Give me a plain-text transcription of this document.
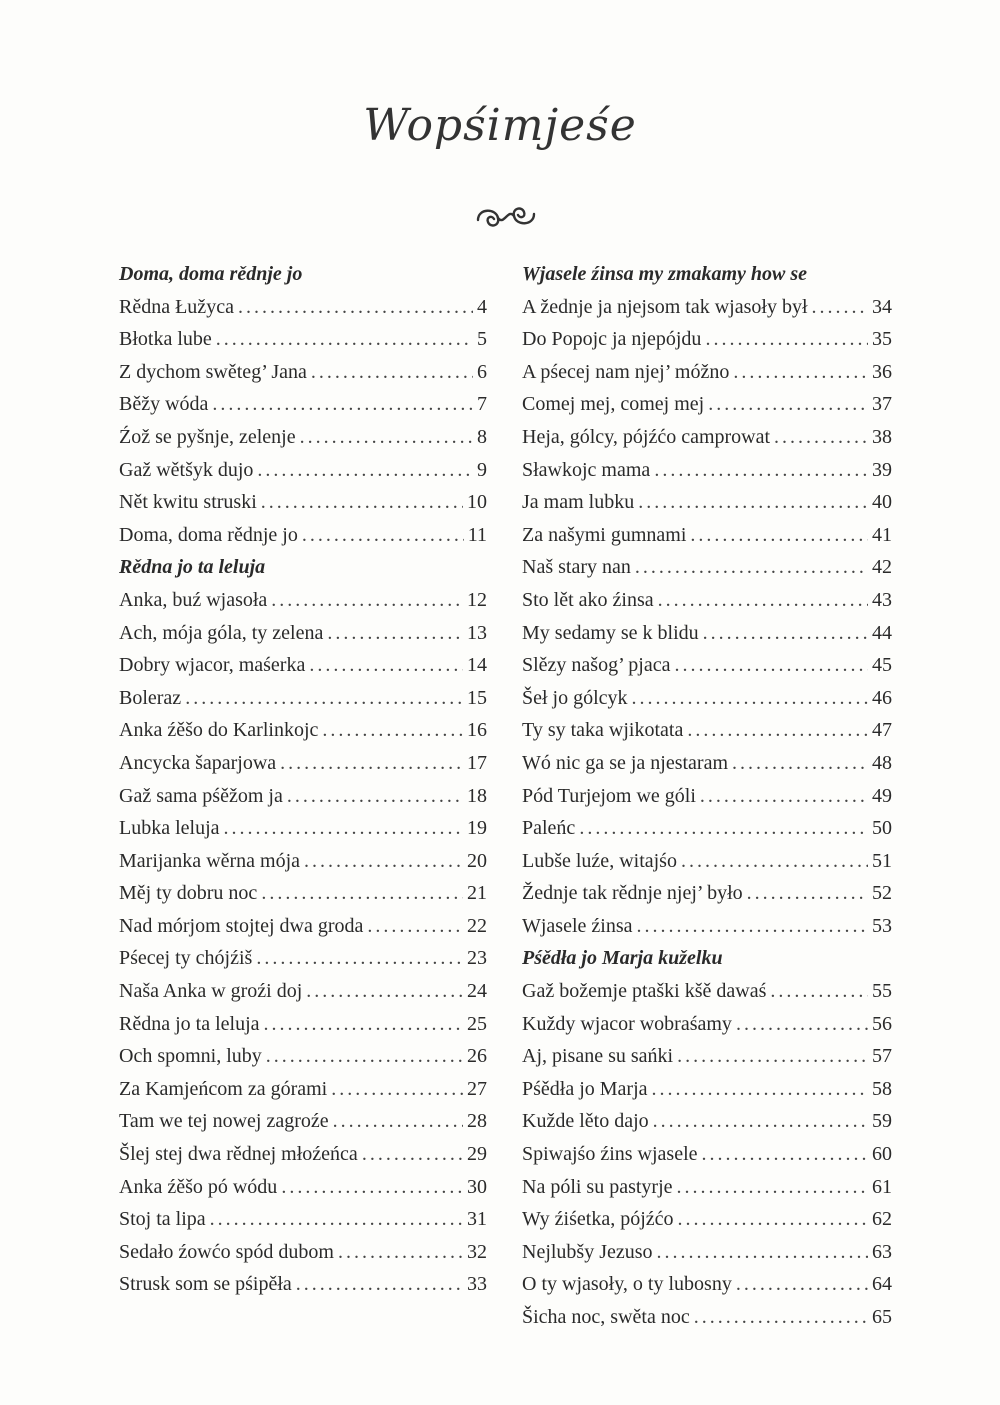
Wopśimjeśe
Doma, doma rědnje jo
Rědna Łužyca .....	4
Błotka lube .....	5
Z dychom swěteg’ Jana .....	6
Běžy wóda .....	7
Źož se pyšnje, zelenje .....	8
Gaž wětšyk dujo .....	9
Nět kwitu struski .....	10
Doma, doma rědnje jo .....	11
Rědna jo ta leluja
Anka, buź wjasoła .....	12
Ach, mója góla, ty zelena .....	13
Dobry wjacor, maśerka .....	14
Boleraz .....	15
Anka źěšo do Karlinkojc .....	16
Ancycka šaparjowa .....	17
Gaž sama pśěžom ja .....	18
Lubka leluja .....	19
Marijanka wěrna mója .....	20
Měj ty dobru noc .....	21
Nad mórjom stojtej dwa groda .....	22
Pśecej ty chójźiš .....	23
Naša Anka w groźi doj .....	24
Rědna jo ta leluja .....	25
Och spomni, luby .....	26
Za Kamjeńcom za górami .....	27
Tam we tej nowej zagroźe .....	28
Šlej stej dwa rědnej młoźeńca .....	29
Anka źěšo pó wódu .....	30
Stoj ta lipa .....	31
Sedało źowćo spód dubom .....	32
Strusk som se pśipěła .....	33
Wjasele źinsa my zmakamy how se
A žednje ja njejsom tak wjasoły był .....	34
Do Popojc ja njepójdu .....	35
A pśecej nam njej’ móžno .....	36
Comej mej, comej mej .....	37
Heja, gólcy, pójźćo camprowat .....	38
Sławkojc mama .....	39
Ja mam lubku .....	40
Za našymi gumnami .....	41
Naš stary nan .....	42
Sto lět ako źinsa .....	43
My sedamy se k blidu .....	44
Slězy našog’ pjaca .....	45
Šeł jo gólcyk .....	46
Ty sy taka wjikotata .....	47
Wó nic ga se ja njestaram .....	48
Pód Turjejom we góli .....	49
Paleńc .....	50
Lubše luźe, witajśo .....	51
Žednje tak rědnje njej’ było .....	52
Wjasele źinsa .....	53
Pśědła jo Marja kuželku
Gaž božemje ptaški kšě dawaś .....	55
Kuždy wjacor wobraśamy .....	56
Aj, pisane su sańki .....	57
Pśědła jo Marja .....	58
Kužde lěto dajo .....	59
Spiwajśo źins wjasele .....	60
Na póli su pastyrje .....	61
Wy źiśetka, pójźćo .....	62
Nejlubšy Jezuso .....	63
O ty wjasoły, o ty lubosny .....	64
Šicha noc, swěta noc .....	65
